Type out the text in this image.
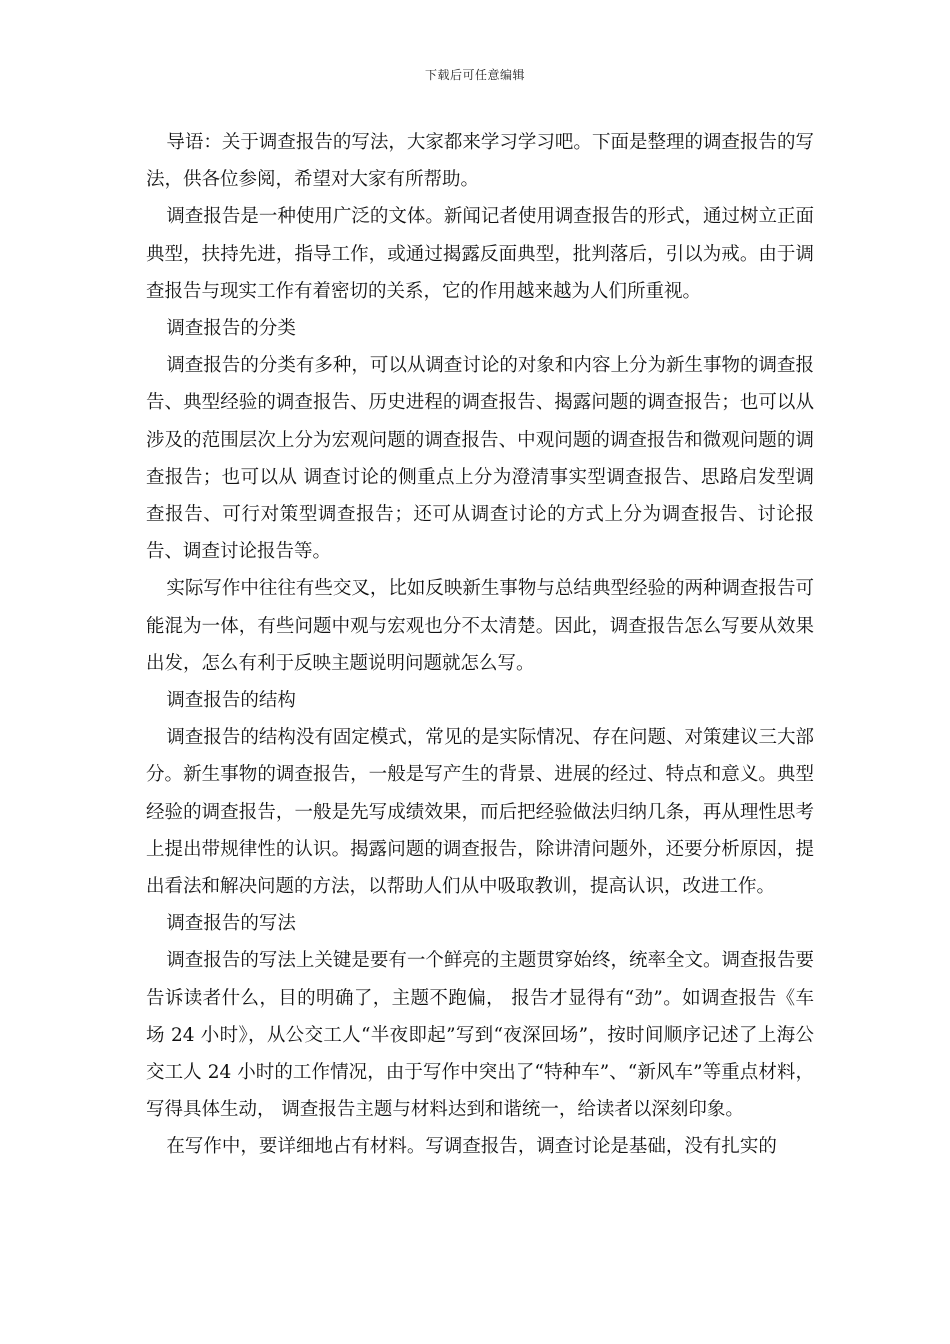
下载后可任意编辑

导语：关于调查报告的写法，大家都来学习学习吧。下面是整理的调查报告的写法，供各位参阅，希望对大家有所帮助。

调查报告是一种使用广泛的文体。新闻记者使用调查报告的形式，通过树立正面典型，扶持先进，指导工作，或通过揭露反面典型，批判落后，引以为戒。由于调查报告与现实工作有着密切的关系，它的作用越来越为人们所重视。

调查报告的分类

调查报告的分类有多种，可以从调查讨论的对象和内容上分为新生事物的调查报告、典型经验的调查报告、历史进程的调查报告、揭露问题的调查报告；也可以从涉及的范围层次上分为宏观问题的调查报告、中观问题的调查报告和微观问题的调查报告；也可以从 调查讨论的侧重点上分为澄清事实型调查报告、思路启发型调查报告、可行对策型调查报告；还可从调查讨论的方式上分为调查报告、讨论报告、调查讨论报告等。

实际写作中往往有些交叉，比如反映新生事物与总结典型经验的两种调查报告可能混为一体，有些问题中观与宏观也分不太清楚。因此，调查报告怎么写要从效果出发，怎么有利于反映主题说明问题就怎么写。

调查报告的结构

调查报告的结构没有固定模式，常见的是实际情况、存在问题、对策建议三大部分。新生事物的调查报告，一般是写产生的背景、进展的经过、特点和意义。典型经验的调查报告，一般是先写成绩效果，而后把经验做法归纳几条，再从理性思考上提出带规律性的认识。揭露问题的调查报告，除讲清问题外，还要分析原因，提出看法和解决问题的方法，以帮助人们从中吸取教训，提高认识，改进工作。

调查报告的写法

调查报告的写法上关键是要有一个鲜亮的主题贯穿始终，统率全文。调查报告要告诉读者什么，目的明确了，主题不跑偏， 报告才显得有“劲”。如调查报告《车场 24 小时》，从公交工人“半夜即起”写到“夜深回场”，按时间顺序记述了上海公交工人 24 小时的工作情况，由于写作中突出了“特种车”、“新风车”等重点材料，写得具体生动， 调查报告主题与材料达到和谐统一，给读者以深刻印象。

在写作中，要详细地占有材料。写调查报告，调查讨论是基础，没有扎实的
